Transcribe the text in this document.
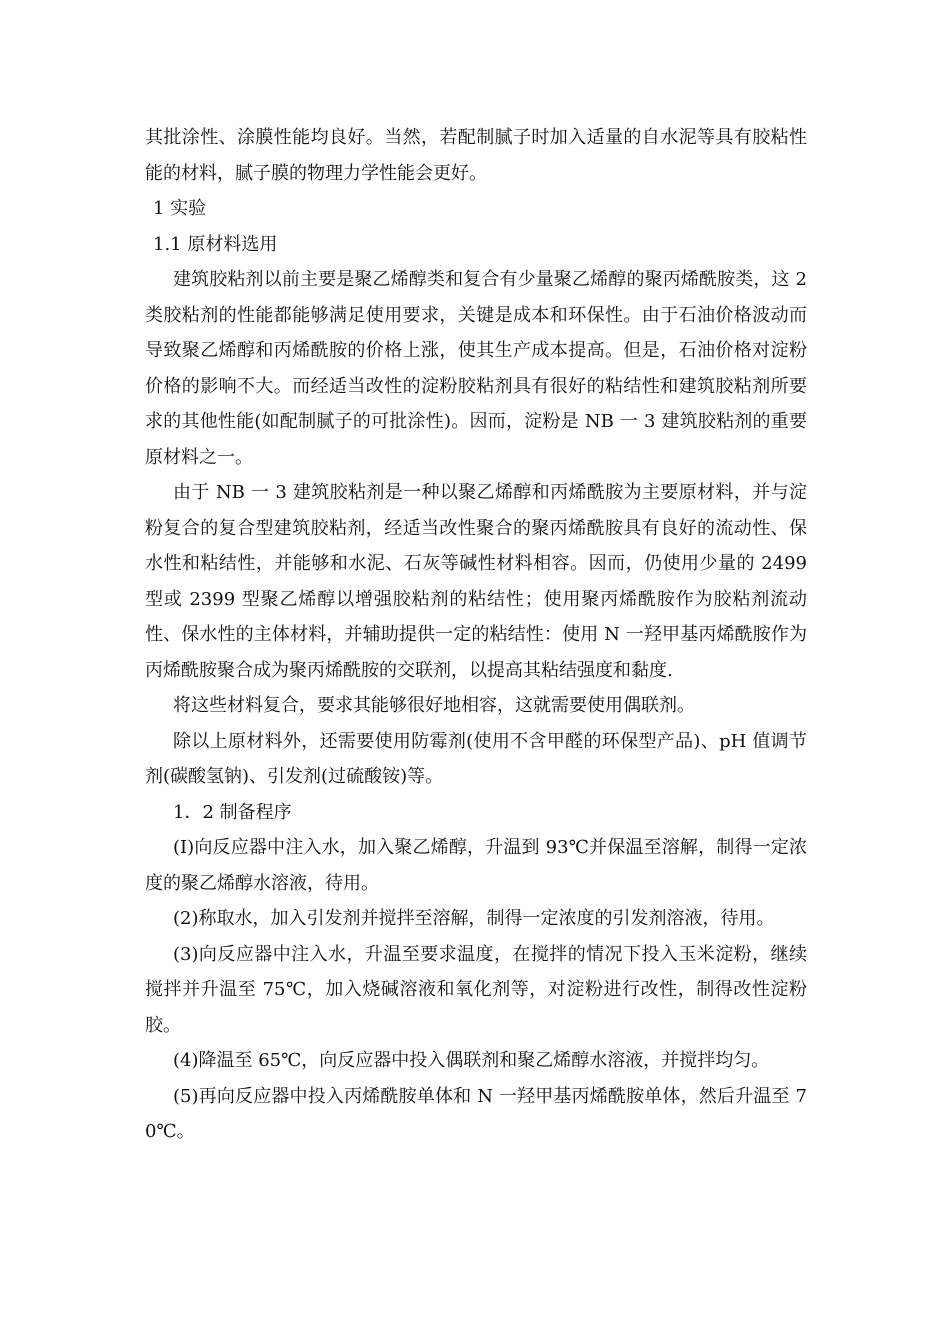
其批涂性、涂膜性能均良好。当然，若配制腻子时加入适量的自水泥等具有胶粘性能的材料，腻子膜的物理力学性能会更好。

1 实验

1.1 原材料选用

建筑胶粘剂以前主要是聚乙烯醇类和复合有少量聚乙烯醇的聚丙烯酰胺类，这 2 类胶粘剂的性能都能够满足使用要求，关键是成本和环保性。由于石油价格波动而导致聚乙烯醇和丙烯酰胺的价格上涨，使其生产成本提高。但是，石油价格对淀粉价格的影响不大。而经适当改性的淀粉胶粘剂具有很好的粘结性和建筑胶粘剂所要求的其他性能(如配制腻子的可批涂性)。因而，淀粉是 NB 一 3 建筑胶粘剂的重要原材料之一。

由于 NB 一 3 建筑胶粘剂是一种以聚乙烯醇和丙烯酰胺为主要原材料，并与淀粉复合的复合型建筑胶粘剂，经适当改性聚合的聚丙烯酰胺具有良好的流动性、保水性和粘结性，并能够和水泥、石灰等碱性材料相容。因而，仍使用少量的 2499 型或 2399 型聚乙烯醇以增强胶粘剂的粘结性；使用聚丙烯酰胺作为胶粘剂流动性、保水性的主体材料，并辅助提供一定的粘结性：使用 N 一羟甲基丙烯酰胺作为丙烯酰胺聚合成为聚丙烯酰胺的交联剂，以提高其粘结强度和黏度.

将这些材料复合，要求其能够很好地相容，这就需要使用偶联剂。

除以上原材料外，还需要使用防霉剂(使用不含甲醛的环保型产品)、pH 值调节剂(碳酸氢钠)、引发剂(过硫酸铵)等。

1．2 制备程序

(I)向反应器中注入水，加入聚乙烯醇，升温到 93℃并保温至溶解，制得一定浓度的聚乙烯醇水溶液，待用。

(2)称取水，加入引发剂并搅拌至溶解，制得一定浓度的引发剂溶液，待用。

(3)向反应器中注入水，升温至要求温度，在搅拌的情况下投入玉米淀粉，继续搅拌并升温至 75℃，加入烧碱溶液和氧化剂等，对淀粉进行改性，制得改性淀粉胶。

(4)降温至 65℃，向反应器中投入偶联剂和聚乙烯醇水溶液，并搅拌均匀。

(5)再向反应器中投入丙烯酰胺单体和 N 一羟甲基丙烯酰胺单体，然后升温至 70℃。
